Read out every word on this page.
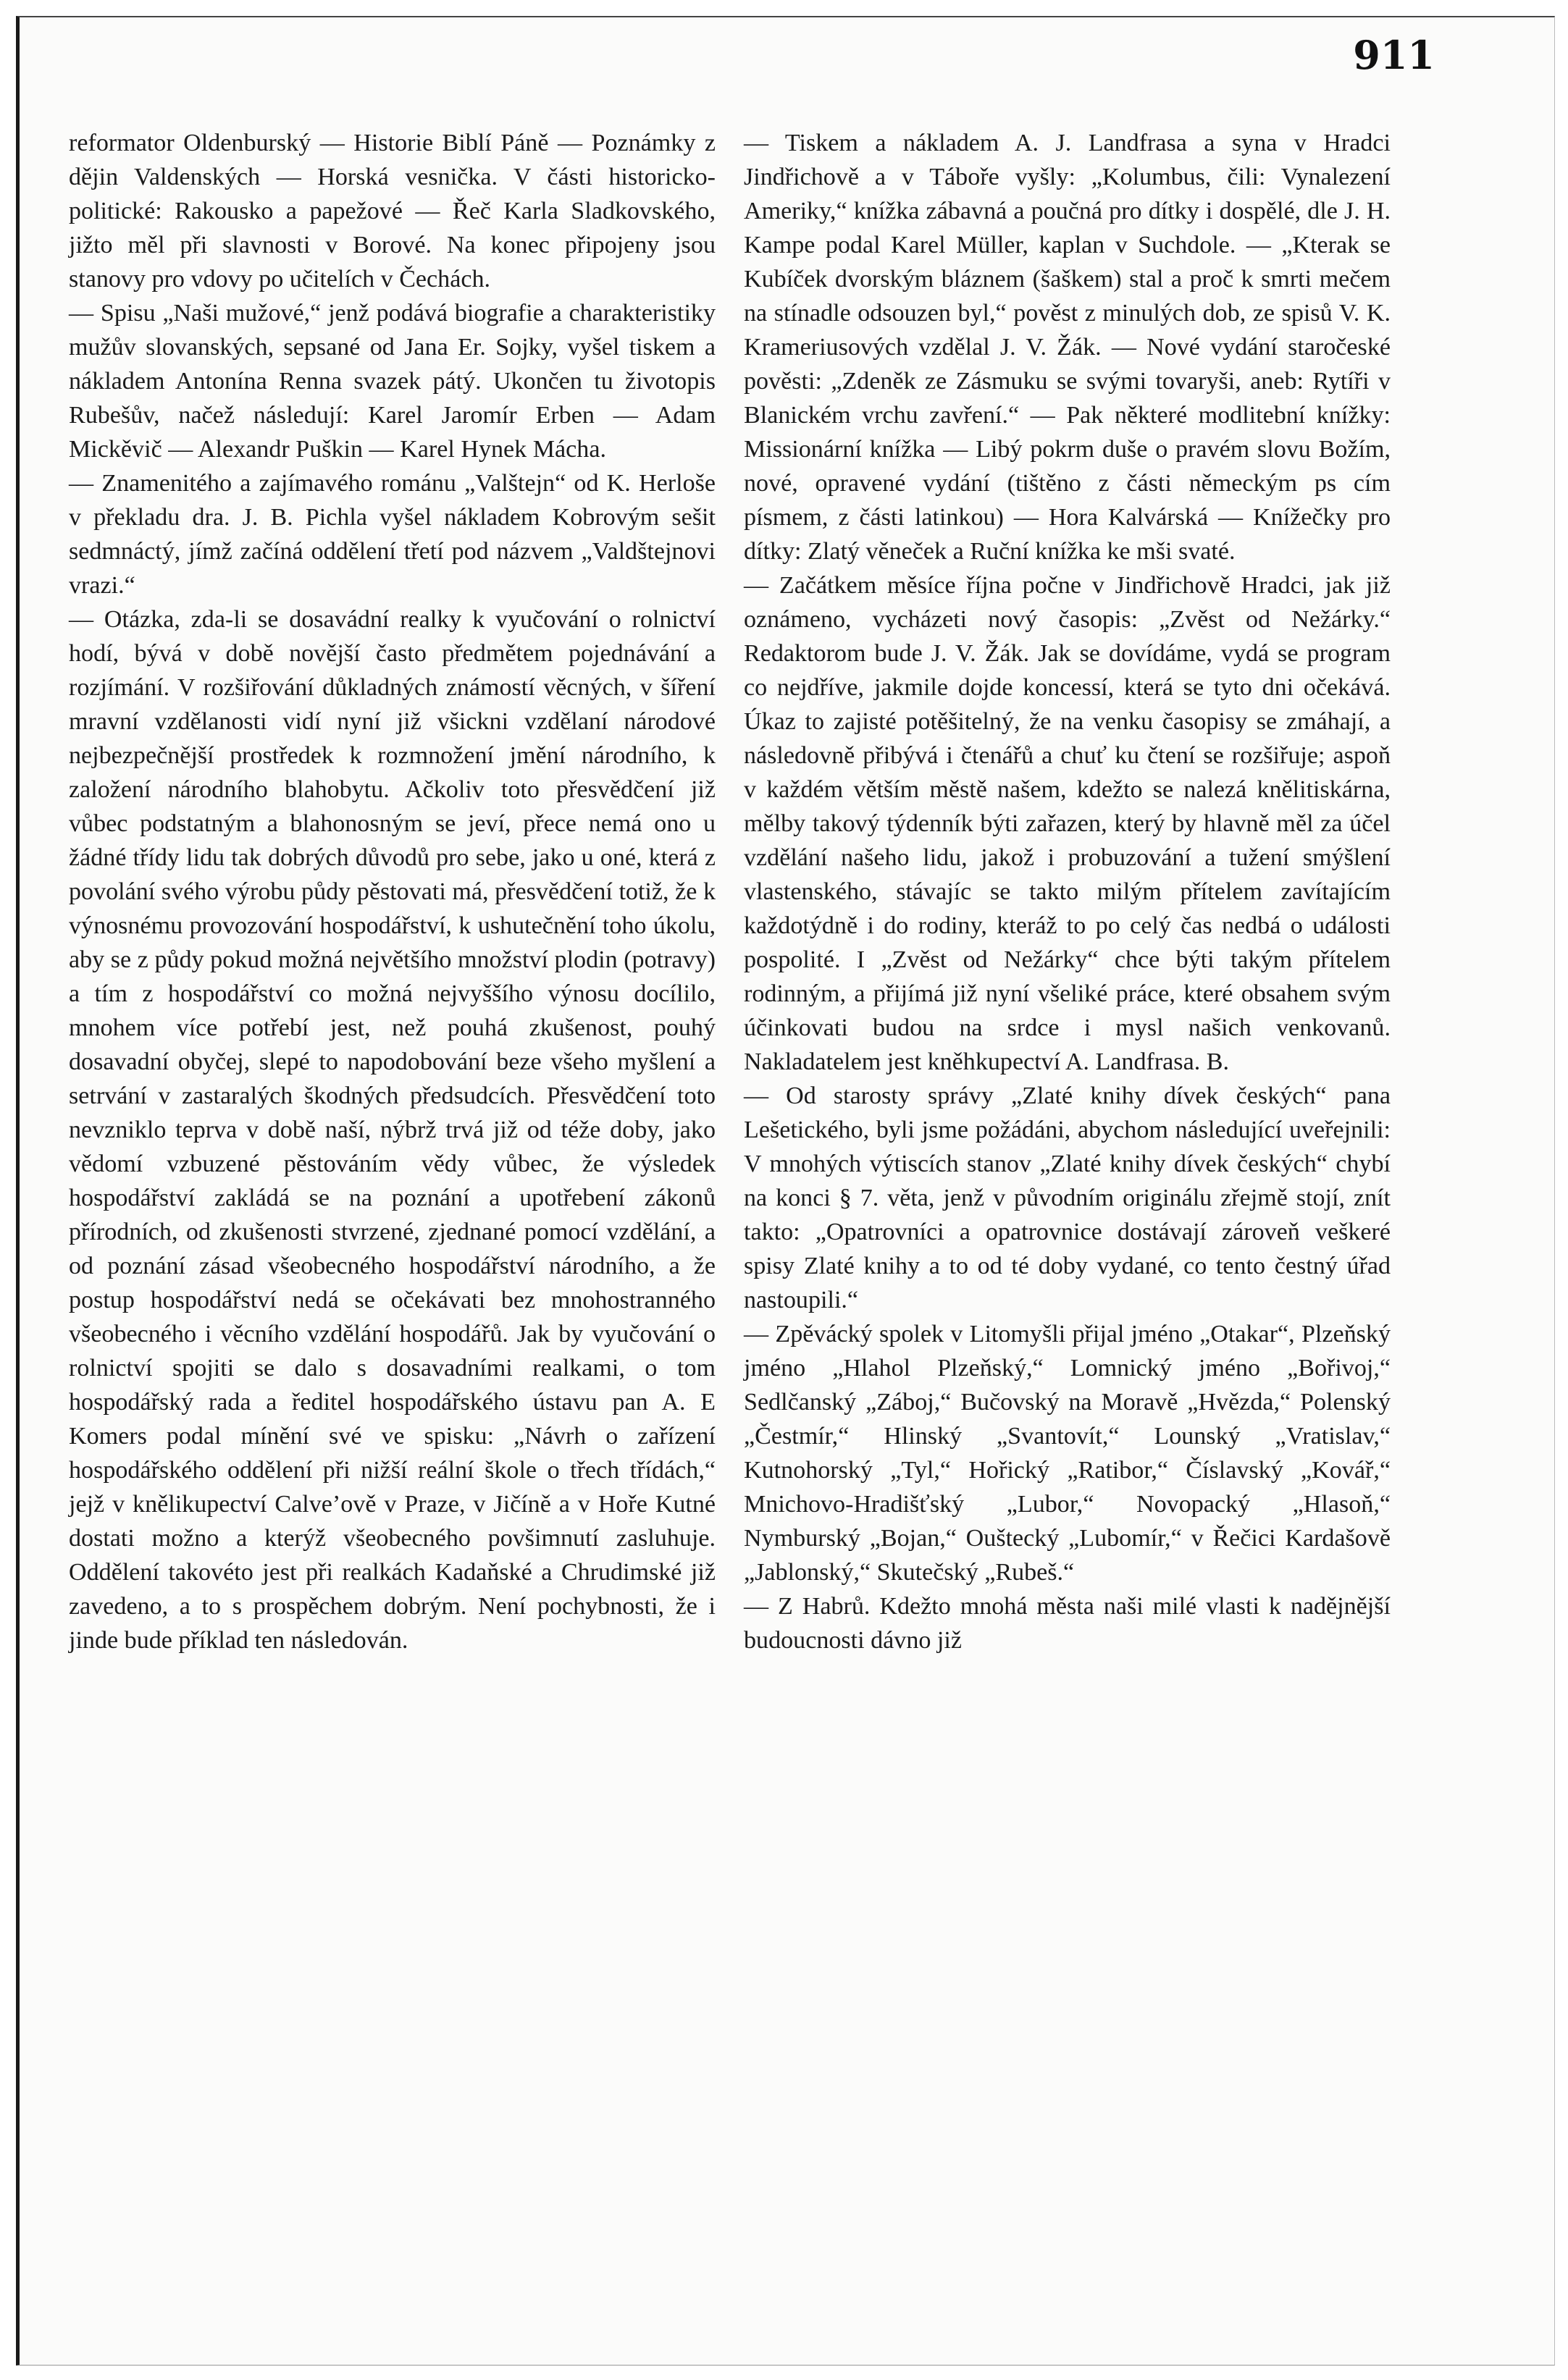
911

reformator Oldenburský — Historie Biblí Páně — Poznámky z dějin Valdenských — Horská vesnička. V části historicko-politické: Rakousko a papežové — Řeč Karla Sladkovského, jižto měl při slavnosti v Borové. Na konec připojeny jsou stanovy pro vdovy po učitelích v Čechách.

— Spisu „Naši mužové,“ jenž podává biografie a charakteristiky mužův slovanských, sepsané od Jana Er. Sojky, vyšel tiskem a nákladem Antonína Renna svazek pátý. Ukončen tu životopis Rubešův, načež následují: Karel Jaromír Erben — Adam Mickěvič — Alexandr Puškin — Karel Hynek Mácha.

— Znamenitého a zajímavého románu „Valštejn“ od K. Herloše v překladu dra. J. B. Pichla vyšel nákladem Kobrovým sešit sedmnáctý, jímž začíná oddělení třetí pod názvem „Valdštejnovi vrazi.“

— Otázka, zda-li se dosavádní realky k vyučování o rolnictví hodí, bývá v době novější často předmětem pojednávání a rozjímání. V rozšiřování důkladných známostí věcných, v šíření mravní vzdělanosti vidí nyní již všickni vzdělaní národové nejbezpečnější prostředek k rozmnožení jmění národního, k založení národního blahobytu. Ačkoliv toto přesvědčení již vůbec podstatným a blahonosným se jeví, přece nemá ono u žádné třídy lidu tak dobrých důvodů pro sebe, jako u oné, která z povolání svého výrobu půdy pěstovati má, přesvědčení totiž, že k výnosnému provozování hospodářství, k ushutečnění toho úkolu, aby se z půdy pokud možná největšího množství plodin (potravy) a tím z hospodářství co možná nejvyššího výnosu docílilo, mnohem více potřebí jest, než pouhá zkušenost, pouhý dosavadní obyčej, slepé to napodobování beze všeho myšlení a setrvání v zastaralých škodných předsudcích. Přesvědčení toto nevzniklo teprva v době naší, nýbrž trvá již od téže doby, jako vědomí vzbuzené pěstováním vědy vůbec, že výsledek hospodářství zakládá se na poznání a upotřebení zákonů přírodních, od zkušenosti stvrzené, zjednané pomocí vzdělání, a od poznání zásad všeobecného hospodářství národního, a že postup hospodářství nedá se očekávati bez mnohostranného všeobecného i věcního vzdělání hospodářů. Jak by vyučování o rolnictví spojiti se dalo s dosavadními realkami, o tom hospodářský rada a ředitel hospodářského ústavu pan A. E Komers podal mínění své ve spisku: „Návrh o zařízení hospodářského oddělení při nižší reální škole o třech třídách,“ jejž v knělikupectví Calve’ově v Praze, v Jičíně a v Hoře Kutné dostati možno a kterýž všeobecného povšimnutí zasluhuje. Oddělení takovéto jest při realkách Kadaňské a Chrudimské již zavedeno, a to s prospěchem dobrým. Není pochybnosti, že i jinde bude příklad ten následován.

— Tiskem a nákladem A. J. Landfrasa a syna v Hradci Jindřichově a v Táboře vyšly: „Kolumbus, čili: Vynalezení Ameriky,“ knížka zábavná a poučná pro dítky i dospělé, dle J. H. Kampe podal Karel Müller, kaplan v Suchdole. — „Kterak se Kubíček dvorským bláznem (šaškem) stal a proč k smrti mečem na stínadle odsouzen byl,“ pověst z minulých dob, ze spisů V. K. Krameriusových vzdělal J. V. Žák. — Nové vydání staročeské pověsti: „Zdeněk ze Zásmuku se svými tovaryši, aneb: Rytíři v Blanickém vrchu zavření.“ — Pak některé modlitební knížky: Missionární knížka — Libý pokrm duše o pravém slovu Božím, nové, opravené vydání (tištěno z části německým ps cím písmem, z části latinkou) — Hora Kalvárská — Knížečky pro dítky: Zlatý věneček a Ruční knížka ke mši svaté.

— Začátkem měsíce října počne v Jindřichově Hradci, jak již oznámeno, vycházeti nový časopis: „Zvěst od Nežárky.“ Redaktorom bude J. V. Žák. Jak se dovídáme, vydá se program co nejdříve, jakmile dojde koncessí, která se tyto dni očekává. Úkaz to zajisté potěšitelný, že na venku časopisy se zmáhají, a následovně přibývá i čtenářů a chuť ku čtení se rozšiřuje; aspoň v každém větším městě našem, kdežto se nalezá knělitiskárna, mělby takový týdenník býti zařazen, který by hlavně měl za účel vzdělání našeho lidu, jakož i probuzování a tužení smýšlení vlastenského, stávajíc se takto milým přítelem zavítajícím každotýdně i do rodiny, kteráž to po celý čas nedbá o události pospolité. I „Zvěst od Nežárky“ chce býti takým přítelem rodinným, a přijímá již nyní všeliké práce, které obsahem svým účinkovati budou na srdce i mysl našich venkovanů. Nakladatelem jest kněhkupectví A. Landfrasa. B.

— Od starosty správy „Zlaté knihy dívek českých“ pana Lešetického, byli jsme požádáni, abychom následující uveřejnili: V mnohých výtiscích stanov „Zlaté knihy dívek českých“ chybí na konci § 7. věta, jenž v původním originálu zřejmě stojí, znít takto: „Opatrovníci a opatrovnice dostávají zároveň veškeré spisy Zlaté knihy a to od té doby vydané, co tento čestný úřad nastoupili.“

— Zpěvácký spolek v Litomyšli přijal jméno „Otakar“, Plzeňský jméno „Hlahol Plzeňský,“ Lomnický jméno „Bořivoj,“ Sedlčanský „Záboj,“ Bučovský na Moravě „Hvězda,“ Polenský „Čestmír,“ Hlinský „Svantovít,“ Lounský „Vratislav,“ Kutnohorský „Tyl,“ Hořický „Ratibor,“ Číslavský „Kovář,“ Mnichovo-Hradišťský „Lubor,“ Novopacký „Hlasoň,“ Nymburský „Bojan,“ Ouštecký „Lubomír,“ v Řečici Kardašově „Jablonský,“ Skutečský „Rubeš.“

— Z Habrů. Kdežto mnohá města naši milé vlasti k nadějnější budoucnosti dávno již
